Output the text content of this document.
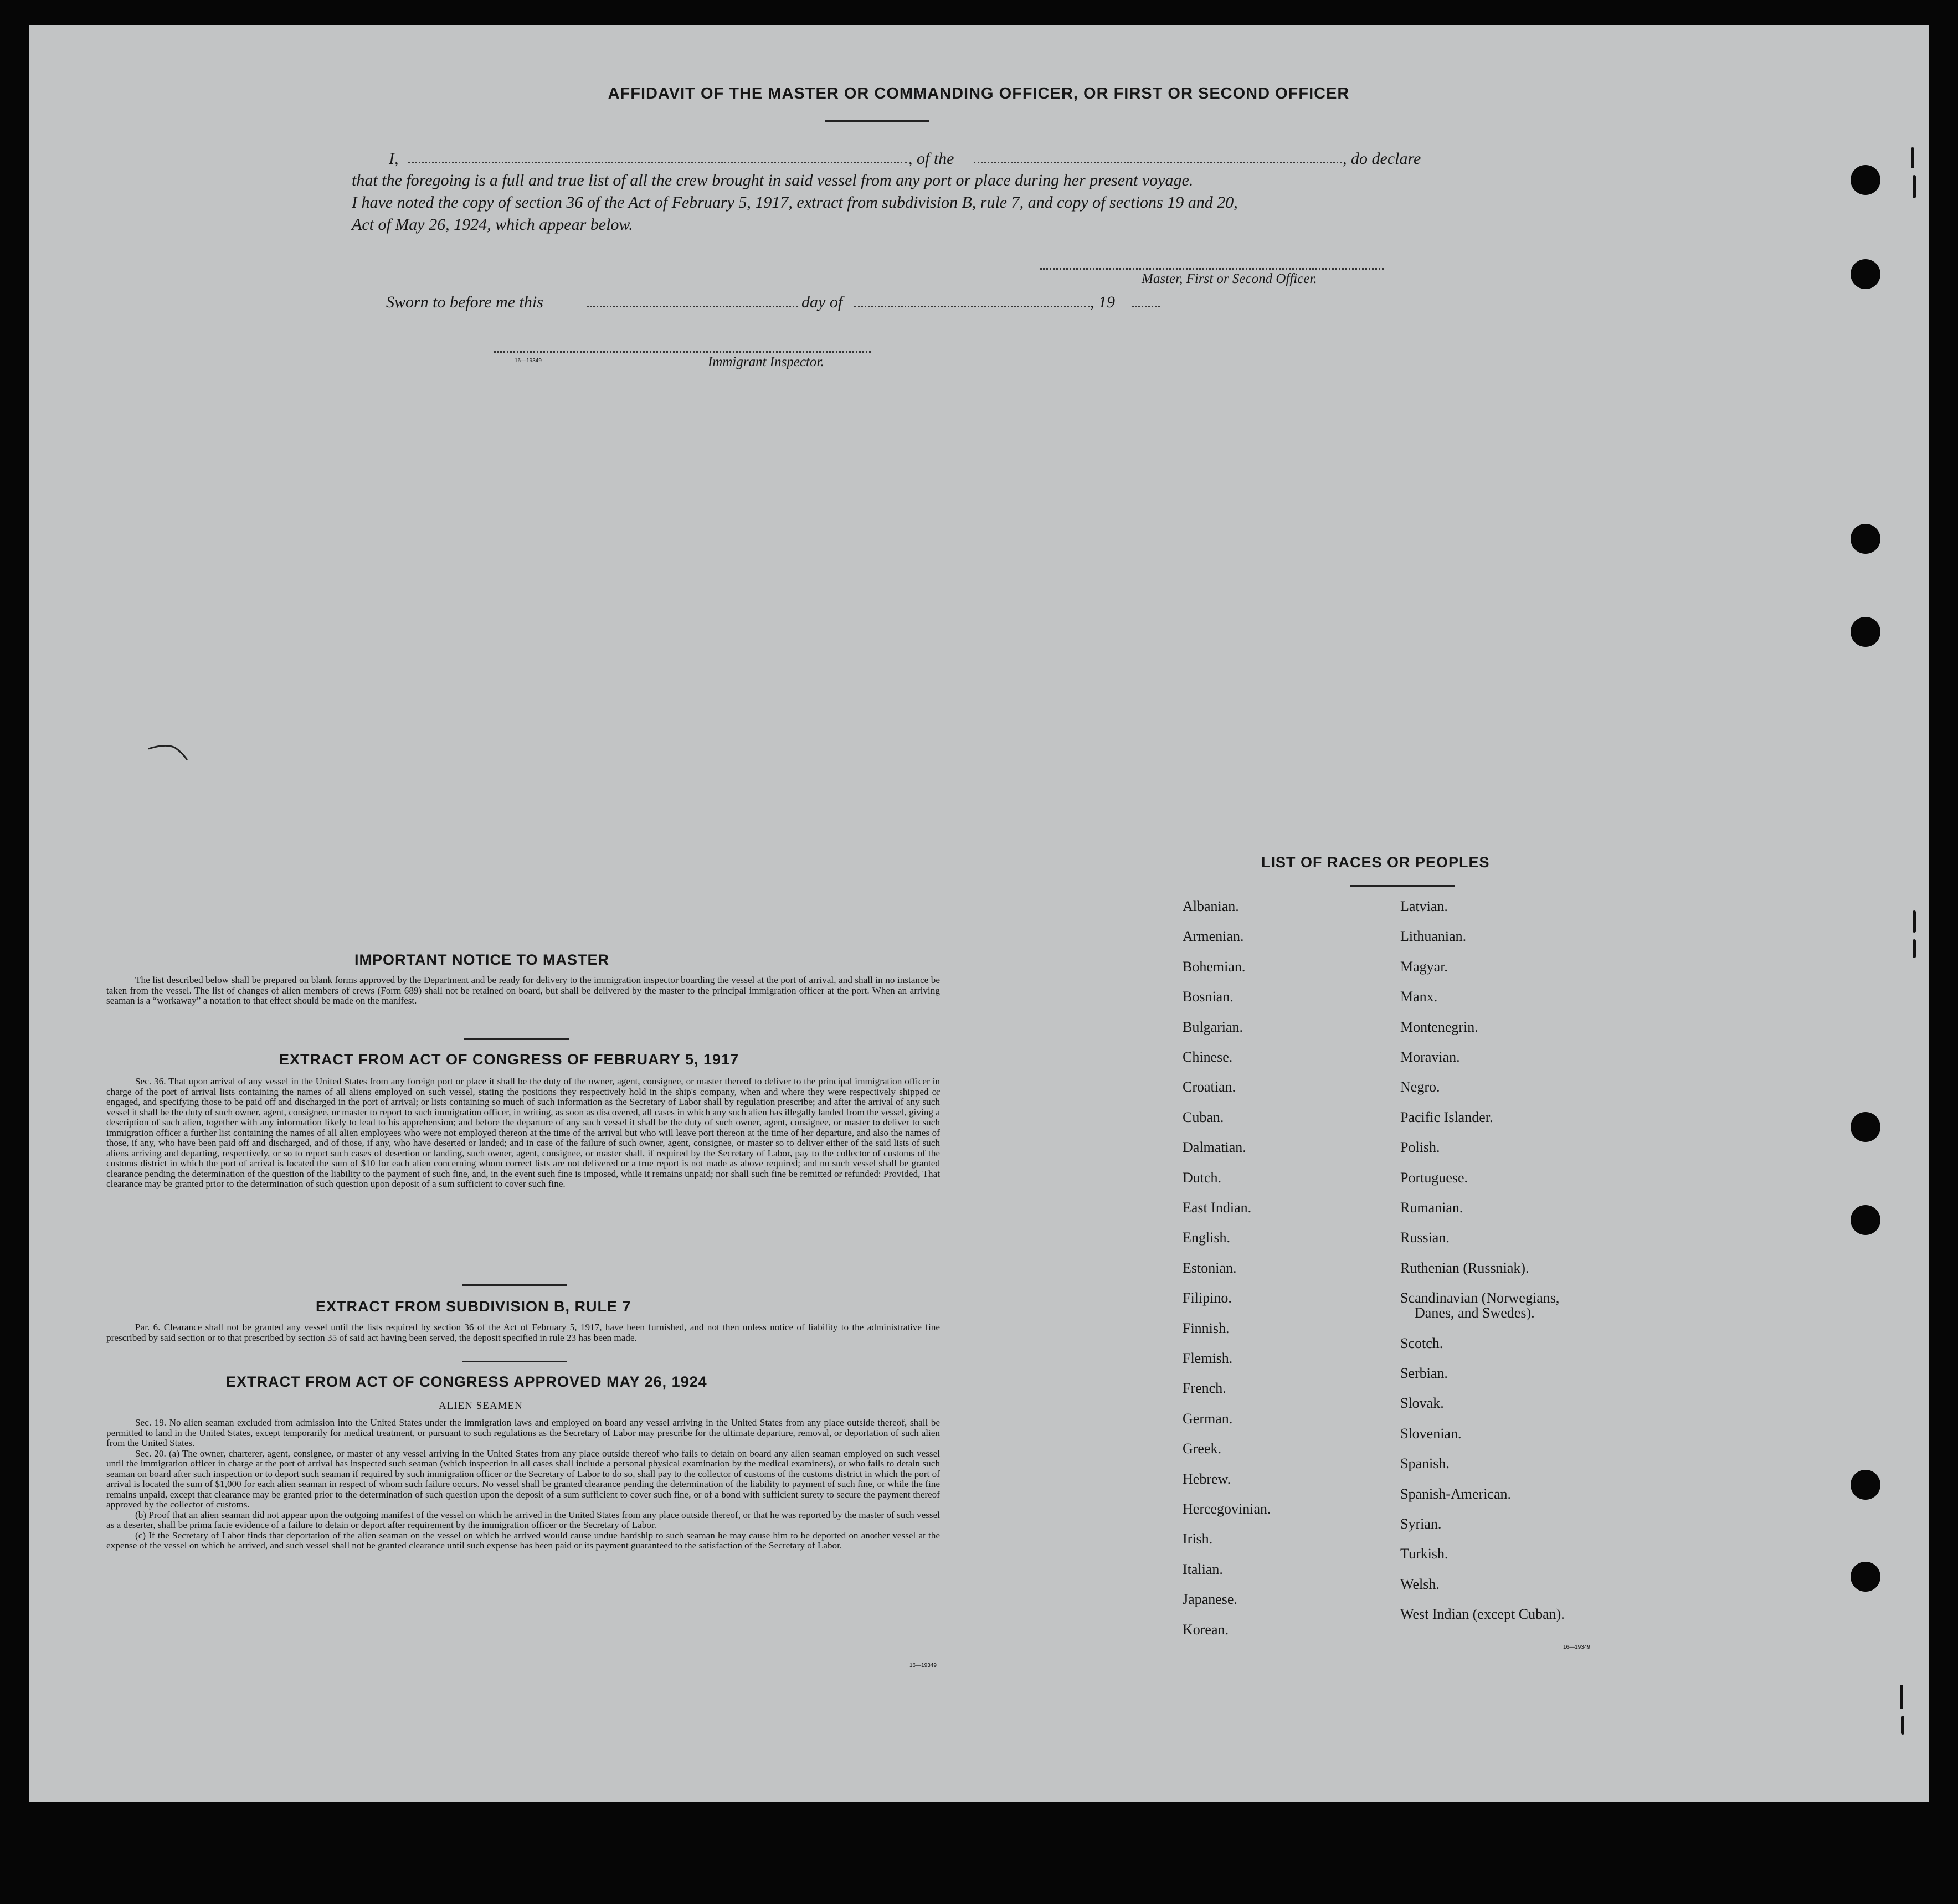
AFFIDAVIT OF THE MASTER OR COMMANDING OFFICER, OR FIRST OR SECOND OFFICER
I,	, of the	, do declare
that the foregoing is a full and true list of all the crew brought in said vessel from any port or place during her present voyage.
I have noted the copy of section 36 of the Act of February 5, 1917, extract from subdivision B, rule 7, and copy of sections 19 and 20,
Act of May 26, 1924, which appear below.
Master, First or Second Officer.
Sworn to before me this	day of	, 19
16—19349	Immigrant Inspector.
IMPORTANT NOTICE TO MASTER

The list described below shall be prepared on blank forms approved by the Department and be ready for delivery to the immigration inspector boarding the vessel at the port of arrival, and shall in no instance be taken from the vessel. The list of changes of alien members of crews (Form 689) shall not be retained on board, but shall be delivered by the master to the principal immigration officer at the port. When an arriving seaman is a “workaway” a notation to that effect should be made on the manifest.

EXTRACT FROM ACT OF CONGRESS OF FEBRUARY 5, 1917

Sec. 36. That upon arrival of any vessel in the United States from any foreign port or place it shall be the duty of the owner, agent, consignee, or master thereof to deliver to the principal immigration officer in charge of the port of arrival lists containing the names of all aliens employed on such vessel, stating the positions they respectively hold in the ship's company, when and where they were respectively shipped or engaged, and specifying those to be paid off and discharged in the port of arrival; or lists containing so much of such information as the Secretary of Labor shall by regulation prescribe; and after the arrival of any such vessel it shall be the duty of such owner, agent, consignee, or master to report to such immigration officer, in writing, as soon as discovered, all cases in which any such alien has illegally landed from the vessel, giving a description of such alien, together with any information likely to lead to his apprehension; and before the departure of any such vessel it shall be the duty of such owner, agent, consignee, or master to deliver to such immigration officer a further list containing the names of all alien employees who were not employed thereon at the time of the arrival but who will leave port thereon at the time of her departure, and also the names of those, if any, who have been paid off and discharged, and of those, if any, who have deserted or landed; and in case of the failure of such owner, agent, consignee, or master so to deliver either of the said lists of such aliens arriving and departing, respectively, or so to report such cases of desertion or landing, such owner, agent, consignee, or master shall, if required by the Secretary of Labor, pay to the collector of customs of the customs district in which the port of arrival is located the sum of $10 for each alien concerning whom correct lists are not delivered or a true report is not made as above required; and no such vessel shall be granted clearance pending the determination of the question of the liability to the payment of such fine, and, in the event such fine is imposed, while it remains unpaid; nor shall such fine be remitted or refunded: Provided, That clearance may be granted prior to the determination of such question upon deposit of a sum sufficient to cover such fine.

EXTRACT FROM SUBDIVISION B, RULE 7

Par. 6. Clearance shall not be granted any vessel until the lists required by section 36 of the Act of February 5, 1917, have been furnished, and not then unless notice of liability to the administrative fine prescribed by said section or to that prescribed by section 35 of said act having been served, the deposit specified in rule 23 has been made.

EXTRACT FROM ACT OF CONGRESS APPROVED MAY 26, 1924
ALIEN SEAMEN

Sec. 19. No alien seaman excluded from admission into the United States under the immigration laws and employed on board any vessel arriving in the United States from any place outside thereof, shall be permitted to land in the United States, except temporarily for medical treatment, or pursuant to such regulations as the Secretary of Labor may prescribe for the ultimate departure, removal, or deportation of such alien from the United States.

Sec. 20. (a) The owner, charterer, agent, consignee, or master of any vessel arriving in the United States from any place outside thereof who fails to detain on board any alien seaman employed on such vessel until the immigration officer in charge at the port of arrival has inspected such seaman (which inspection in all cases shall include a personal physical examination by the medical examiners), or who fails to detain such seaman on board after such inspection or to deport such seaman if required by such immigration officer or the Secretary of Labor to do so, shall pay to the collector of customs of the customs district in which the port of arrival is located the sum of $1,000 for each alien seaman in respect of whom such failure occurs. No vessel shall be granted clearance pending the determination of the liability to payment of such fine, or while the fine remains unpaid, except that clearance may be granted prior to the determination of such question upon the deposit of a sum sufficient to cover such fine, or of a bond with sufficient surety to secure the payment thereof approved by the collector of customs.

(b) Proof that an alien seaman did not appear upon the outgoing manifest of the vessel on which he arrived in the United States from any place outside thereof, or that he was reported by the master of such vessel as a deserter, shall be prima facie evidence of a failure to detain or deport after requirement by the immigration officer or the Secretary of Labor.

(c) If the Secretary of Labor finds that deportation of the alien seaman on the vessel on which he arrived would cause undue hardship to such seaman he may cause him to be deported on another vessel at the expense of the vessel on which he arrived, and such vessel shall not be granted clearance until such expense has been paid or its payment guaranteed to the satisfaction of the Secretary of Labor.

16—19349
LIST OF RACES OR PEOPLES
Albanian.
Armenian.
Bohemian.
Bosnian.
Bulgarian.
Chinese.
Croatian.
Cuban.
Dalmatian.
Dutch.
East Indian.
English.
Estonian.
Filipino.
Finnish.
Flemish.
French.
German.
Greek.
Hebrew.
Hercegovinian.
Irish.
Italian.
Japanese.
Korean.
Latvian.
Lithuanian.
Magyar.
Manx.
Montenegrin.
Moravian.
Negro.
Pacific Islander.
Polish.
Portuguese.
Rumanian.
Russian.
Ruthenian (Russniak).
Scandinavian (Norwegians,
Danes, and Swedes).
Scotch.
Serbian.
Slovak.
Slovenian.
Spanish.
Spanish-American.
Syrian.
Turkish.
Welsh.
West Indian (except Cuban).
16—19349
